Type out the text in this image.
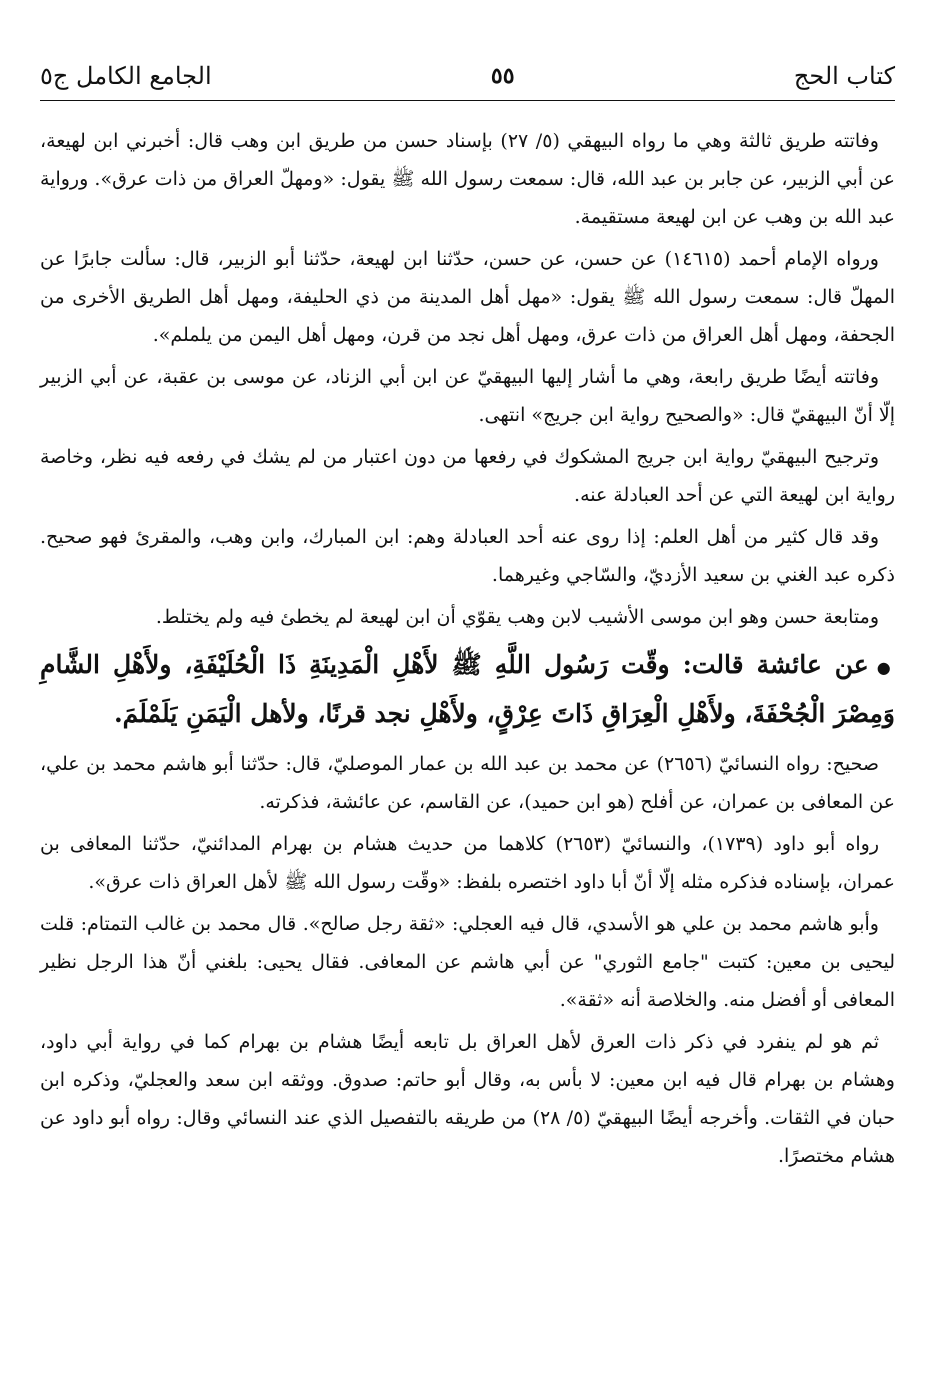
كتاب الحج
٥٥
الجامع الكامل ج٥

وفاتته طريق ثالثة وهي ما رواه البيهقي (٥/ ٢٧) بإسناد حسن من طريق ابن وهب قال: أخبرني ابن لهيعة، عن أبي الزبير، عن جابر بن عبد الله، قال: سمعت رسول الله ﷺ يقول: «ومهلّ العراق من ذات عرق». ورواية عبد الله بن وهب عن ابن لهيعة مستقيمة.

ورواه الإمام أحمد (١٤٦١٥) عن حسن، عن حسن، حدّثنا ابن لهيعة، حدّثنا أبو الزبير، قال: سألت جابرًا عن المهلّ قال: سمعت رسول الله ﷺ يقول: «مهل أهل المدينة من ذي الحليفة، ومهل أهل الطريق الأخرى من الجحفة، ومهل أهل العراق من ذات عرق، ومهل أهل نجد من قرن، ومهل أهل اليمن من يلملم».

وفاتته أيضًا طريق رابعة، وهي ما أشار إليها البيهقيّ عن ابن أبي الزناد، عن موسى بن عقبة، عن أبي الزبير إلّا أنّ البيهقيّ قال: «والصحيح رواية ابن جريج» انتهى.

وترجيح البيهقيّ رواية ابن جريج المشكوك في رفعها من دون اعتبار من لم يشك في رفعه فيه نظر، وخاصة رواية ابن لهيعة التي عن أحد العبادلة عنه.

وقد قال كثير من أهل العلم: إذا روى عنه أحد العبادلة وهم: ابن المبارك، وابن وهب، والمقرئ فهو صحيح. ذكره عبد الغني بن سعيد الأزديّ، والسّاجي وغيرهما.

ومتابعة حسن وهو ابن موسى الأشيب لابن وهب يقوّي أن ابن لهيعة لم يخطئ فيه ولم يختلط.

●عن عائشة قالت: وقّت رَسُول اللَّهِ ﷺ لأَهْلِ الْمَدِينَةِ ذَا الْحُلَيْفَةِ، ولأَهْلِ الشَّامِ وَمِصْرَ الْجُحْفَةَ، ولأَهْلِ الْعِرَاقِ ذَاتَ عِرْقٍ، ولأَهْلِ نجد قرنًا، ولأهل الْيَمَنِ يَلَمْلَمَ.

صحيح: رواه النسائيّ (٢٦٥٦) عن محمد بن عبد الله بن عمار الموصليّ، قال: حدّثنا أبو هاشم محمد بن علي، عن المعافى بن عمران، عن أفلح (هو ابن حميد)، عن القاسم، عن عائشة، فذكرته.

رواه أبو داود (١٧٣٩)، والنسائيّ (٢٦٥٣) كلاهما من حديث هشام بن بهرام المدائنيّ، حدّثنا المعافى بن عمران، بإسناده فذكره مثله إلّا أنّ أبا داود اختصره بلفظ: «وقّت رسول الله ﷺ لأهل العراق ذات عرق».

وأبو هاشم محمد بن علي هو الأسدي، قال فيه العجلي: «ثقة رجل صالح». قال محمد بن غالب التمتام: قلت ليحيى بن معين: كتبت "جامع الثوري" عن أبي هاشم عن المعافى. فقال يحيى: بلغني أنّ هذا الرجل نظير المعافى أو أفضل منه. والخلاصة أنه «ثقة».

ثم هو لم ينفرد في ذكر ذات العرق لأهل العراق بل تابعه أيضًا هشام بن بهرام كما في رواية أبي داود، وهشام بن بهرام قال فيه ابن معين: لا بأس به، وقال أبو حاتم: صدوق. ووثقه ابن سعد والعجليّ، وذكره ابن حبان في الثقات. وأخرجه أيضًا البيهقيّ (٥/ ٢٨) من طريقه بالتفصيل الذي عند النسائي وقال: رواه أبو داود عن هشام مختصرًا.
